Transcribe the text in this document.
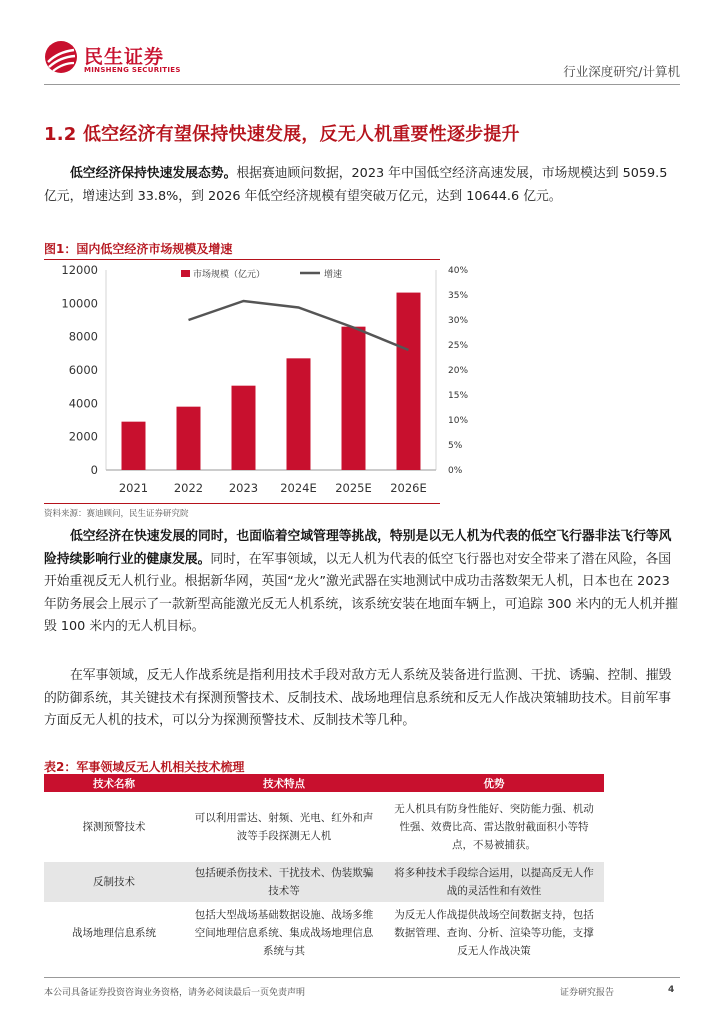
民生证券
MINSHENG SECURITIES	行业深度研究/计算机
1.2 低空经济有望保持快速发展，反无人机重要性逐步提升
低空经济保持快速发展态势。根据赛迪顾问数据，2023 年中国低空经济高速发展，市场规模达到 5059.5 亿元，增速达到 33.8%，到 2026 年低空经济规模有望突破万亿元，达到 10644.6 亿元。
图1：国内低空经济市场规模及增速
0
2000
4000
6000
8000
10000
12000
0%
5%
10%
15%
20%
25%
30%
35%
40%
2021 2022 2023 2024E 2025E 2026E
市场规模（亿元）	增速
资料来源：赛迪顾问，民生证券研究院
低空经济在快速发展的同时，也面临着空域管理等挑战，特别是以无人机为代表的低空飞行器非法飞行等风险持续影响行业的健康发展。同时，在军事领域，以无人机为代表的低空飞行器也对安全带来了潜在风险，各国开始重视反无人机行业。根据新华网，英国“龙火”激光武器在实地测试中成功击落数架无人机，日本也在 2023 年防务展会上展示了一款新型高能激光反无人机系统，该系统安装在地面车辆上，可追踪 300 米内的无人机并摧毁 100 米内的无人机目标。
在军事领域，反无人作战系统是指利用技术手段对敌方无人系统及装备进行监测、干扰、诱骗、控制、摧毁的防御系统，其关键技术有探测预警技术、反制技术、战场地理信息系统和反无人作战决策辅助技术。目前军事方面反无人机的技术，可以分为探测预警技术、反制技术等几种。
表2：军事领域反无人机相关技术梳理
技术名称	技术特点	优势
探测预警技术	可以利用雷达、射频、光电、红外和声波等手段探测无人机	无人机具有防身性能好、突防能力强、机动性强、效费比高、雷达散射截面积小等特点，不易被捕获。
反制技术	包括硬杀伤技术、干扰技术、伪装欺骗技术等	将多种技术手段综合运用，以提高反无人作战的灵活性和有效性
战场地理信息系统	包括大型战场基础数据设施、战场多维空间地理信息系统、集成战场地理信息系统与其	为反无人作战提供战场空间数据支持，包括数据管理、查询、分析、渲染等功能，支撑反无人作战决策
本公司具备证券投资咨询业务资格，请务必阅读最后一页免责声明	证券研究报告	4
